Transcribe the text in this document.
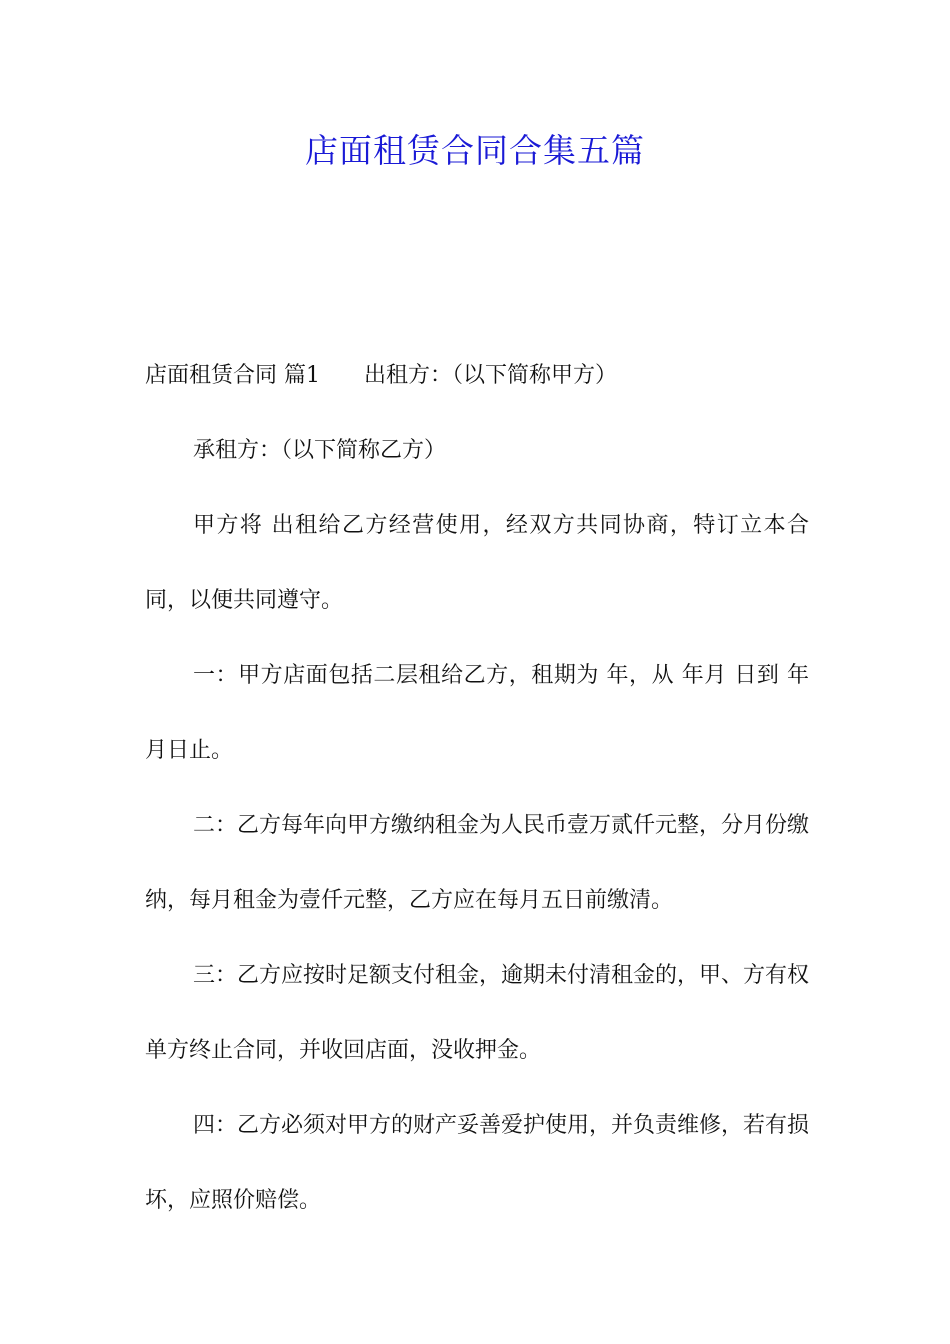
店面租赁合同合集五篇

店面租赁合同 篇1 出租方：（以下简称甲方）

承租方：（以下简称乙方）

甲方将 出租给乙方经营使用，经双方共同协商，特订立本合同，以便共同遵守。

一：甲方店面包括二层租给乙方，租期为 年，从 年月 日到 年 月日止。

二：乙方每年向甲方缴纳租金为人民币壹万贰仟元整，分月份缴纳，每月租金为壹仟元整，乙方应在每月五日前缴清。

三：乙方应按时足额支付租金，逾期未付清租金的，甲、方有权单方终止合同，并收回店面，没收押金。

四：乙方必须对甲方的财产妥善爱护使用，并负责维修，若有损坏，应照价赔偿。
